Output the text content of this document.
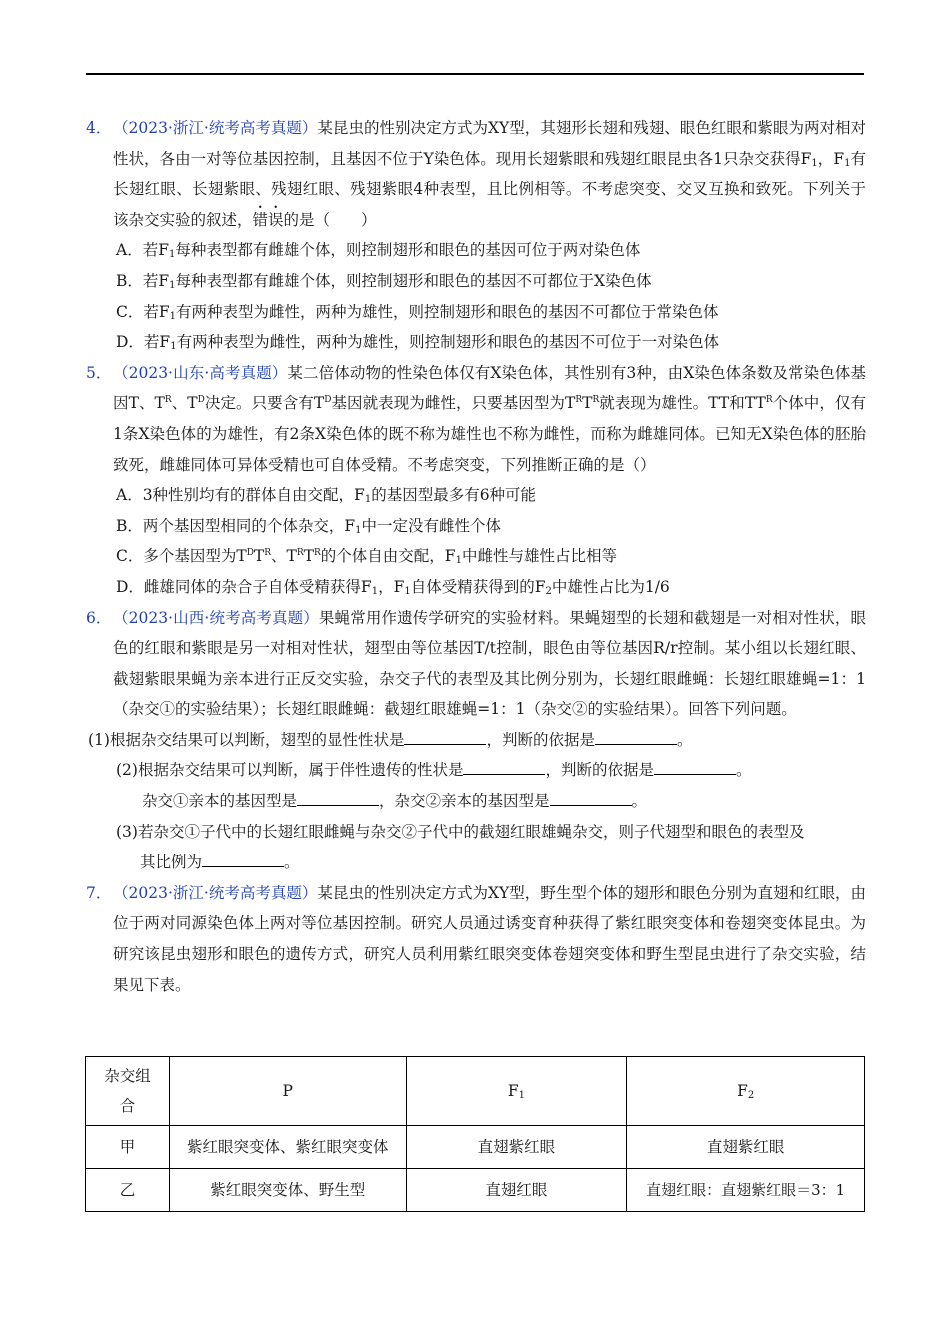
4． （2023·浙江·统考高考真题）某昆虫的性别决定方式为XY型，其翅形长翅和残翅、眼色红眼和紫眼为两对相对性状，各由一对等位基因控制，且基因不位于Y染色体。现用长翅紫眼和残翅红眼昆虫各1只杂交获得$F_1$，$F_1$有长翅红眼、长翅紫眼、残翅红眼、残翅紫眼4种表型，且比例相等。不考虑突变、交叉互换和致死。下列关于该杂交实验的叙述，错误的是（　　）
A．若$F_1$每种表型都有雌雄个体，则控制翅形和眼色的基因可位于两对染色体
B．若$F_1$每种表型都有雌雄个体，则控制翅形和眼色的基因不可都位于X染色体
C．若$F_1$有两种表型为雌性，两种为雄性，则控制翅形和眼色的基因不可都位于常染色体
D．若$F_1$有两种表型为雌性，两种为雄性，则控制翅形和眼色的基因不可位于一对染色体
5． （2023·山东·高考真题）某二倍体动物的性染色体仅有X染色体，其性别有3种，由X染色体条数及常染色体基因T、$T^R$、$T^D$决定。只要含有$T^D$基因就表现为雌性，只要基因型为$T^RT^R$就表现为雄性。TT和$TT^R$个体中，仅有1条X染色体的为雄性，有2条X染色体的既不称为雄性也不称为雌性，而称为雌雄同体。已知无X染色体的胚胎致死，雌雄同体可异体受精也可自体受精。不考虑突变，下列推断正确的是（）
A．3种性别均有的群体自由交配，$F_1$的基因型最多有6种可能
B．两个基因型相同的个体杂交，$F_1$中一定没有雌性个体
C．多个基因型为$T^DT^R$、$T^RT^R$的个体自由交配，$F_1$中雌性与雄性占比相等
D．雌雄同体的杂合子自体受精获得$F_1$，$F_1$自体受精获得到的$F_2$中雄性占比为1/6
6． （2023·山西·统考高考真题）果蝇常用作遗传学研究的实验材料。果蝇翅型的长翅和截翅是一对相对性状，眼色的红眼和紫眼是另一对相对性状，翅型由等位基因T/t控制，眼色由等位基因R/r控制。某小组以长翅红眼、截翅紫眼果蝇为亲本进行正反交实验，杂交子代的表型及其比例分别为，长翅红眼雌蝇：长翅红眼雄蝇=1：1（杂交①的实验结果）；长翅红眼雌蝇：截翅红眼雄蝇=1：1（杂交②的实验结果）。回答下列问题。
(1)根据杂交结果可以判断，翅型的显性性状是	，判断的依据是	。
(2)根据杂交结果可以判断，属于伴性遗传的性状是	，判断的依据是	。
杂交①亲本的基因型是	，杂交②亲本的基因型是	。
(3)若杂交①子代中的长翅红眼雌蝇与杂交②子代中的截翅红眼雄蝇杂交，则子代翅型和眼色的表型及
其比例为	。
7． （2023·浙江·统考高考真题）某昆虫的性别决定方式为XY型，野生型个体的翅形和眼色分别为直翅和红眼，由位于两对同源染色体上两对等位基因控制。研究人员通过诱变育种获得了紫红眼突变体和卷翅突变体昆虫。为研究该昆虫翅形和眼色的遗传方式，研究人员利用紫红眼突变体卷翅突变体和野生型昆虫进行了杂交实验，结果见下表。
杂交组
合	P	$F_1$	$F_2$
甲	紫红眼突变体、紫红眼突变体	直翅紫红眼	直翅紫红眼
乙	紫红眼突变体、野生型	直翅红眼	直翅红眼：直翅紫红眼＝3：1
